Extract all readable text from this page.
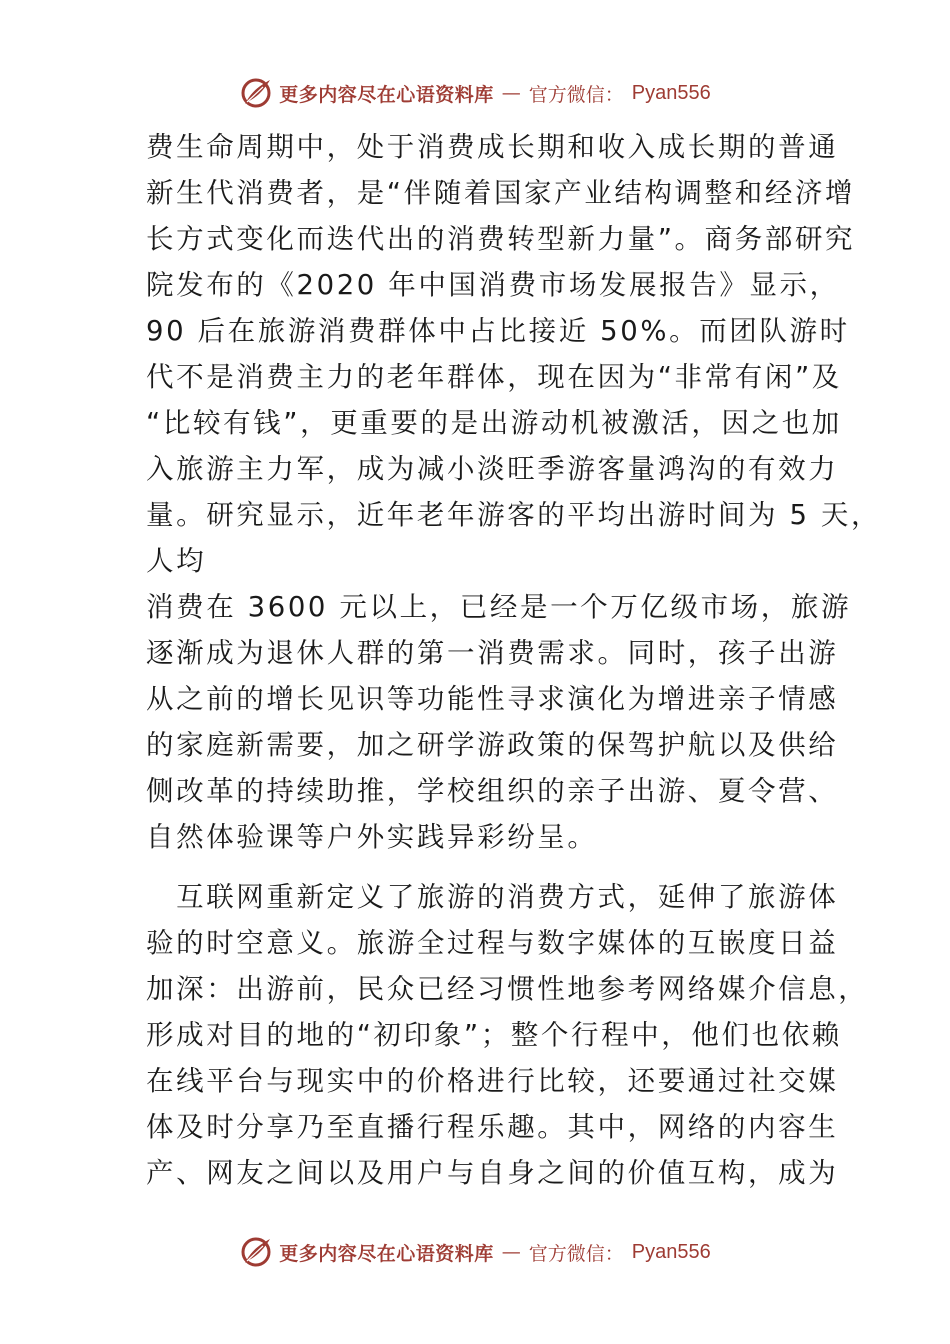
更多内容尽在心语资料库 — 官方微信： Pyan556
费生命周期中，处于消费成长期和收入成长期的普通
新生代消费者，是“伴随着国家产业结构调整和经济增
长方式变化而迭代出的消费转型新力量”。商务部研究
院发布的《2020 年中国消费市场发展报告》显示，
90 后在旅游消费群体中占比接近 50%。而团队游时
代不是消费主力的老年群体，现在因为“非常有闲”及
“比较有钱”，更重要的是出游动机被激活，因之也加
入旅游主力军，成为减小淡旺季游客量鸿沟的有效力
量。研究显示，近年老年游客的平均出游时间为 5 天，
人均
消费在 3600 元以上，已经是一个万亿级市场，旅游
逐渐成为退休人群的第一消费需求。同时，孩子出游
从之前的增长见识等功能性寻求演化为增进亲子情感
的家庭新需要，加之研学游政策的保驾护航以及供给
侧改革的持续助推，学校组织的亲子出游、夏令营、
自然体验课等户外实践异彩纷呈。
　互联网重新定义了旅游的消费方式，延伸了旅游体
验的时空意义。旅游全过程与数字媒体的互嵌度日益
加深：出游前，民众已经习惯性地参考网络媒介信息，
形成对目的地的“初印象”；整个行程中，他们也依赖
在线平台与现实中的价格进行比较，还要通过社交媒
体及时分享乃至直播行程乐趣。其中，网络的内容生
产、网友之间以及用户与自身之间的价值互构，成为
更多内容尽在心语资料库 — 官方微信： Pyan556
